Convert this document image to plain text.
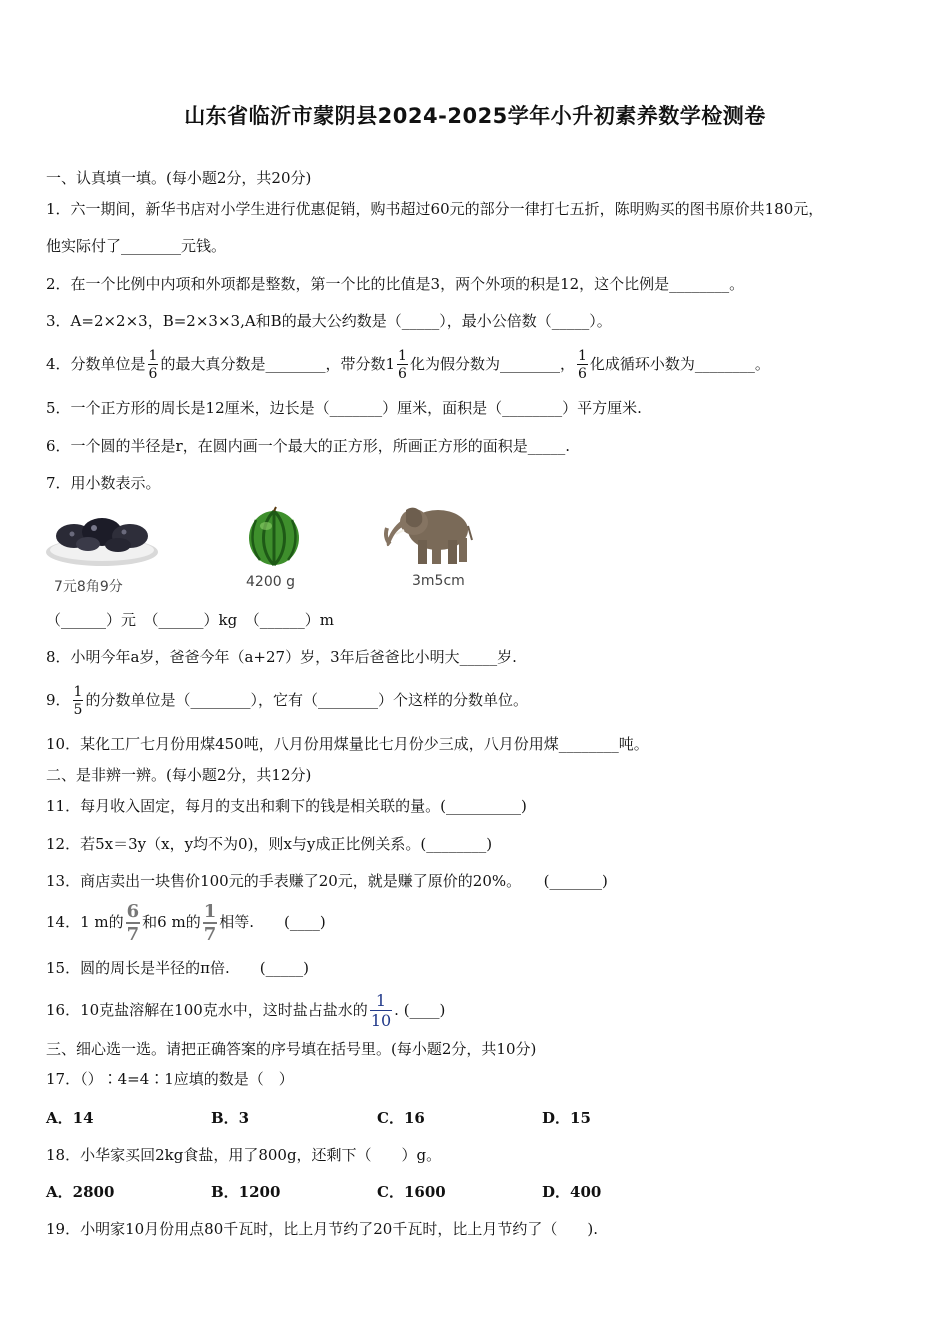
山东省临沂市蒙阴县2024-2025学年小升初素养数学检测卷
一、认真填一填。(每小题2分，共20分)
1．六一期间，新华书店对小学生进行优惠促销，购书超过60元的部分一律打七五折，陈明购买的图书原价共180元，
他实际付了________元钱。
2．在一个比例中内项和外项都是整数，第一个比的比值是3，两个外项的积是12，这个比例是________。
3．A=2×2×3，B=2×3×3,A和B的最大公约数是（_____），最小公倍数（_____）。
4．分数单位是 $\frac{1}{6}$ 的最大真分数是________，带分数$1 \frac{1}{6}$ 化为假分数为________， $\frac{1}{6}$ 化成循环小数为________。
5．一个正方形的周长是12厘米，边长是（_______）厘米，面积是（________）平方厘米.
6．一个圆的半径是r，在圆内画一个最大的正方形，所画正方形的面积是_____.
7．用小数表示。
7元8角9分	4200 g	3m5cm
（______）元　（______）kg　（______）m
8．小明今年a岁，爸爸今年（a+27）岁，3年后爸爸比小明大_____岁.
9． $\frac{1}{5}$ 的分数单位是（________），它有（________）个这样的分数单位。
10．某化工厂七月份用煤450吨，八月份用煤量比七月份少三成，八月份用煤________吨。
二、是非辨一辨。(每小题2分，共12分)
11．每月收入固定，每月的支出和剩下的钱是相关联的量。(__________)
12．若5x＝3y（x，y均不为0)，则x与y成正比例关系。(________)
13．商店卖出一块售价100元的手表赚了20元，就是赚了原价的20%。　　(_______)
14．1 m的 $\frac{6}{7}$ 和6 m的 $\frac{1}{7}$ 相等.　　(____)
15．圆的周长是半径的π倍.　　(_____)
16．10克盐溶解在100克水中，这时盐占盐水的 $\frac{1}{10}$ . (____)
三、细心选一选。请把正确答案的序号填在括号里。(每小题2分，共10分)
17．（）∶4=4∶1应填的数是（　）
A．14	B．3	C．16	D．15
18．小华家买回2kg食盐，用了800g，还剩下（　　）g。
A．2800	B．1200	C．1600	D．400
19．小明家10月份用点80千瓦时，比上月节约了20千瓦时，比上月节约了（　　).
